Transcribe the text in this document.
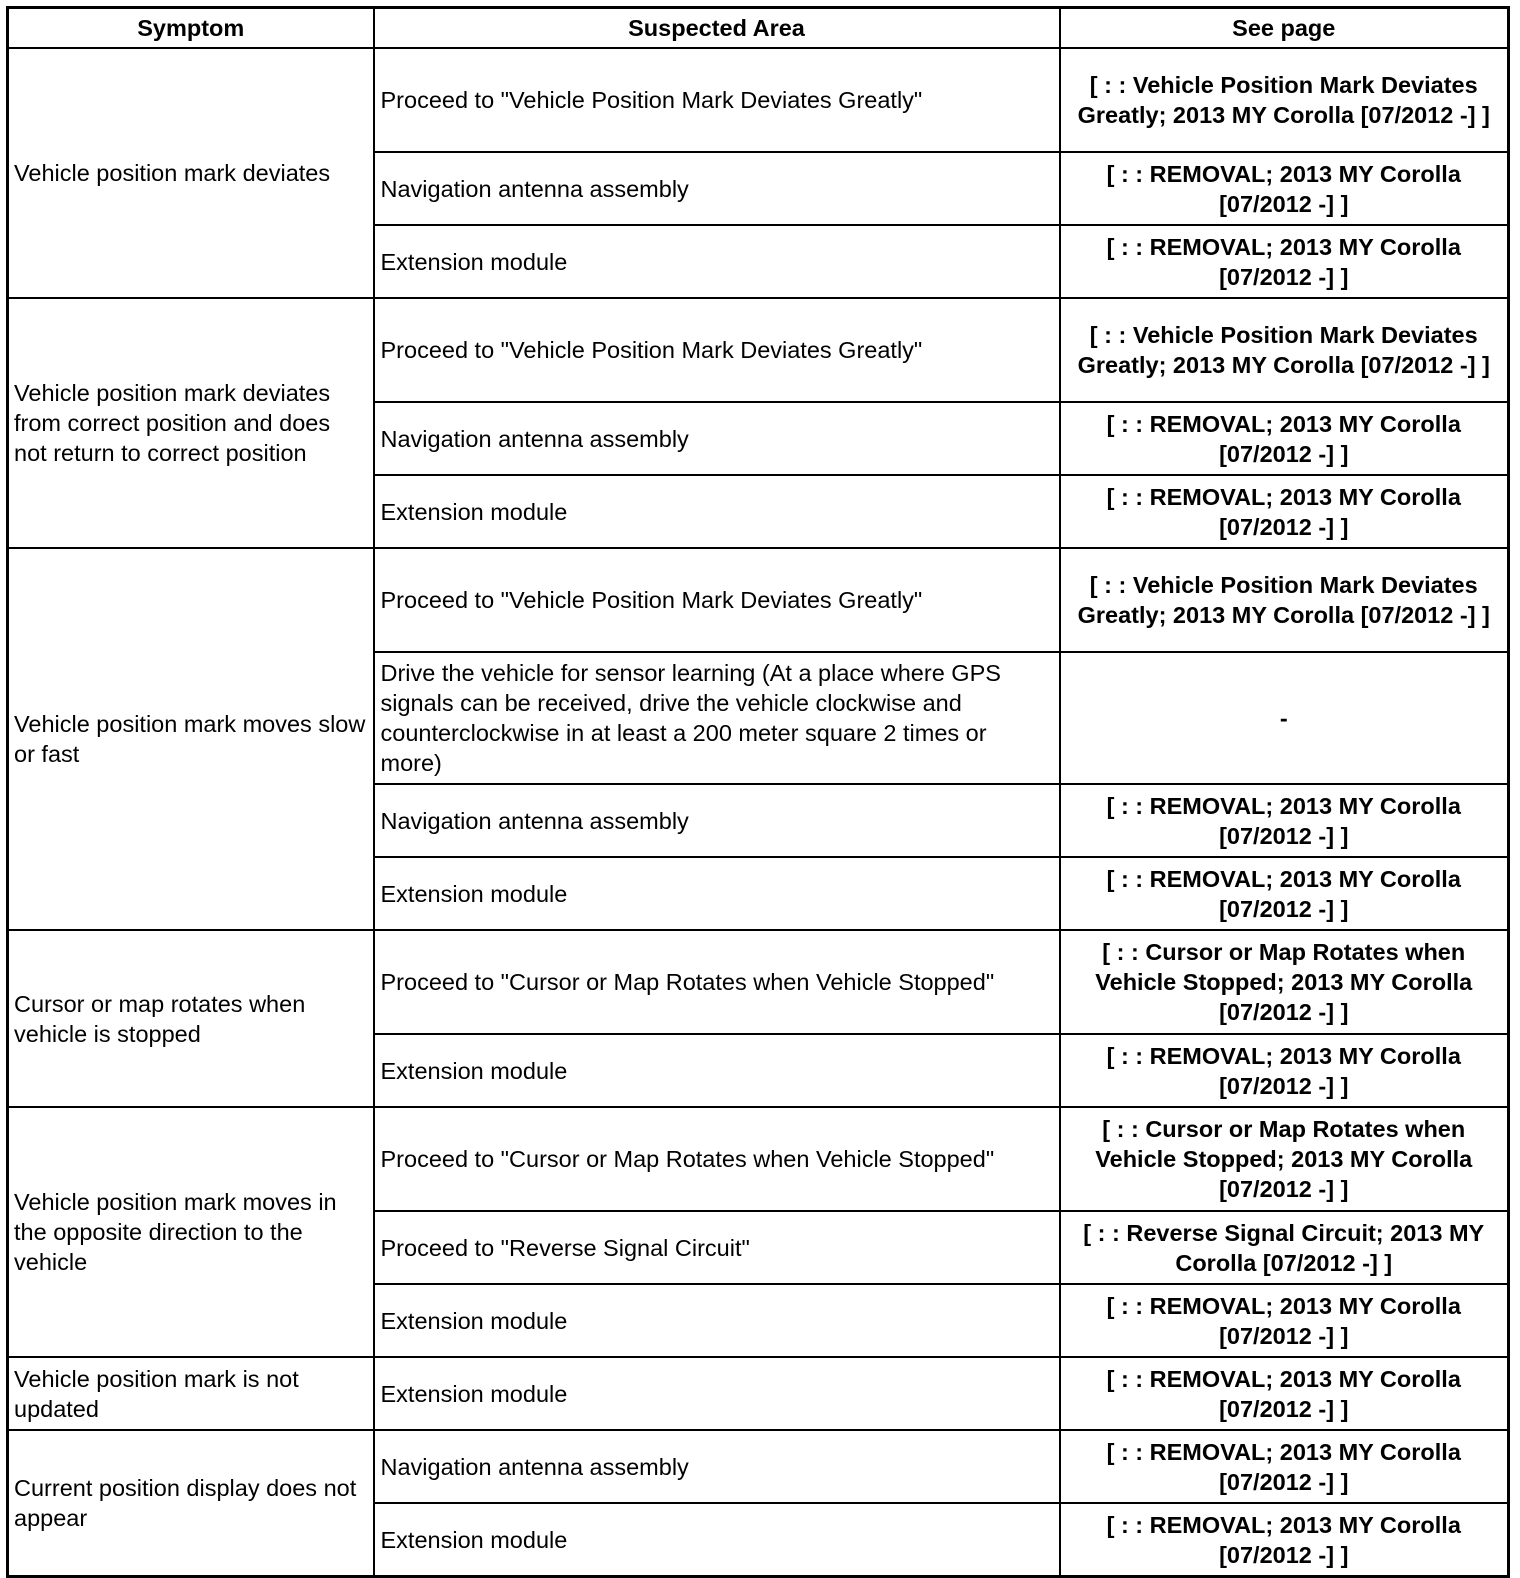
Symptom	Suspected Area	See page
Vehicle position mark deviates	Proceed to "Vehicle Position Mark Deviates Greatly"	[ : : Vehicle Position Mark Deviates Greatly; 2013 MY Corolla [07/2012 -] ]
	Navigation antenna assembly	[ : : REMOVAL; 2013 MY Corolla [07/2012 -] ]
	Extension module	[ : : REMOVAL; 2013 MY Corolla [07/2012 -] ]
Vehicle position mark deviates from correct position and does not return to correct position	Proceed to "Vehicle Position Mark Deviates Greatly"	[ : : Vehicle Position Mark Deviates Greatly; 2013 MY Corolla [07/2012 -] ]
	Navigation antenna assembly	[ : : REMOVAL; 2013 MY Corolla [07/2012 -] ]
	Extension module	[ : : REMOVAL; 2013 MY Corolla [07/2012 -] ]
Vehicle position mark moves slow or fast	Proceed to "Vehicle Position Mark Deviates Greatly"	[ : : Vehicle Position Mark Deviates Greatly; 2013 MY Corolla [07/2012 -] ]
	Drive the vehicle for sensor learning (At a place where GPS signals can be received, drive the vehicle clockwise and counterclockwise in at least a 200 meter square 2 times or more)	-
	Navigation antenna assembly	[ : : REMOVAL; 2013 MY Corolla [07/2012 -] ]
	Extension module	[ : : REMOVAL; 2013 MY Corolla [07/2012 -] ]
Cursor or map rotates when vehicle is stopped	Proceed to "Cursor or Map Rotates when Vehicle Stopped"	[ : : Cursor or Map Rotates when Vehicle Stopped; 2013 MY Corolla [07/2012 -] ]
	Extension module	[ : : REMOVAL; 2013 MY Corolla [07/2012 -] ]
Vehicle position mark moves in the opposite direction to the vehicle	Proceed to "Cursor or Map Rotates when Vehicle Stopped"	[ : : Cursor or Map Rotates when Vehicle Stopped; 2013 MY Corolla [07/2012 -] ]
	Proceed to "Reverse Signal Circuit"	[ : : Reverse Signal Circuit; 2013 MY Corolla [07/2012 -] ]
	Extension module	[ : : REMOVAL; 2013 MY Corolla [07/2012 -] ]
Vehicle position mark is not updated	Extension module	[ : : REMOVAL; 2013 MY Corolla [07/2012 -] ]
Current position display does not appear	Navigation antenna assembly	[ : : REMOVAL; 2013 MY Corolla [07/2012 -] ]
	Extension module	[ : : REMOVAL; 2013 MY Corolla [07/2012 -] ]
